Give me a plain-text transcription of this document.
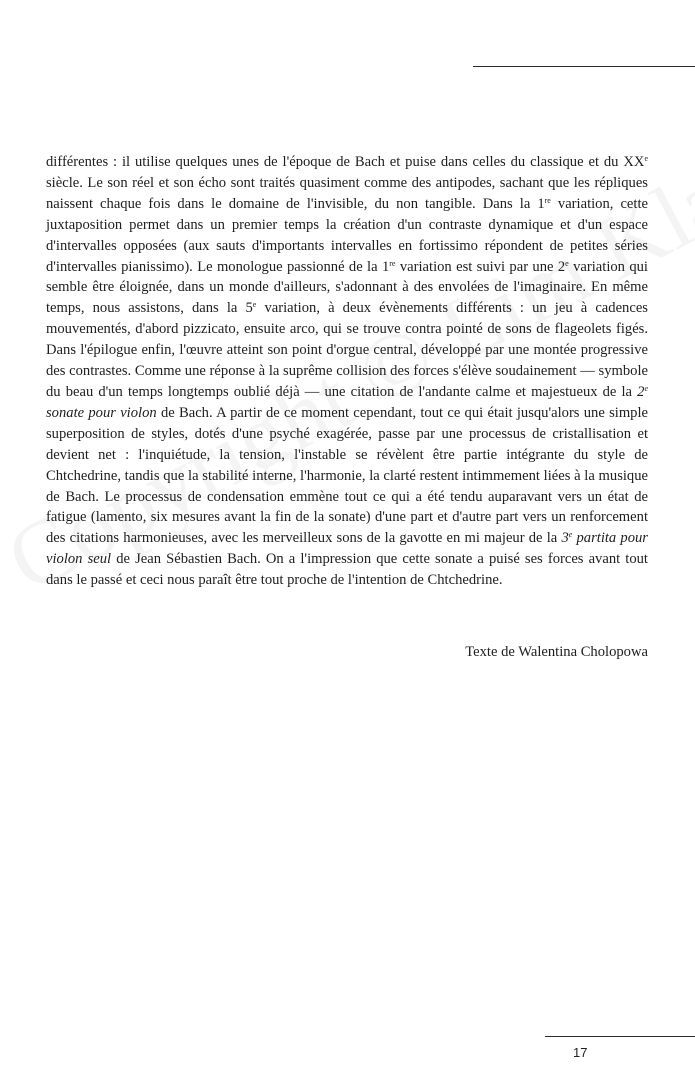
différentes : il utilise quelques unes de l'époque de Bach et puise dans celles du classique et du XXe siècle. Le son réel et son écho sont traités quasiment comme des antipodes, sachant que les répliques naissent chaque fois dans le domaine de l'invisible, du non tangible. Dans la 1re variation, cette juxtaposition permet dans un premier temps la création d'un contraste dynamique et d'un espace d'intervalles opposées (aux sauts d'importants intervalles en fortissimo répondent de petites séries d'intervalles pianissimo). Le monologue passionné de la 1re variation est suivi par une 2e variation qui semble être éloignée, dans un monde d'ailleurs, s'adonnant à des envolées de l'imaginaire. En même temps, nous assistons, dans la 5e variation, à deux évènements différents : un jeu à cadences mouvementés, d'abord pizzicato, ensuite arco, qui se trouve contra pointé de sons de flageolets figés. Dans l'épilogue enfin, l'œuvre atteint son point d'orgue central, développé par une montée progressive des contrastes. Comme une réponse à la suprême collision des forces s'élève soudainement — symbole du beau d'un temps longtemps oublié déjà — une citation de l'andante calme et majestueux de la 2e sonate pour violon de Bach. A partir de ce moment cependant, tout ce qui était jusqu'alors une simple superposition de styles, dotés d'une psyché exagérée, passe par une processus de cristallisation et devient net : l'inquiétude, la tension, l'instable se révèlent être partie intégrante du style de Chtchedrine, tandis que la stabilité interne, l'harmonie, la clarté restent intimmement liées à la musique de Bach. Le processus de condensation emmène tout ce qui a été tendu auparavant vers un état de fatigue (lamento, six mesures avant la fin de la sonate) d'une part et d'autre part vers un renforcement des citations harmonieuses, avec les merveilleux sons de la gavotte en mi majeur de la 3e partita pour violon seul de Jean Sébastien Bach. On a l'impression que cette sonate a puisé ses forces avant tout dans le passé et ceci nous paraît être tout proche de l'intention de Chtchedrine.

Texte de Walentina Cholopowa

17
